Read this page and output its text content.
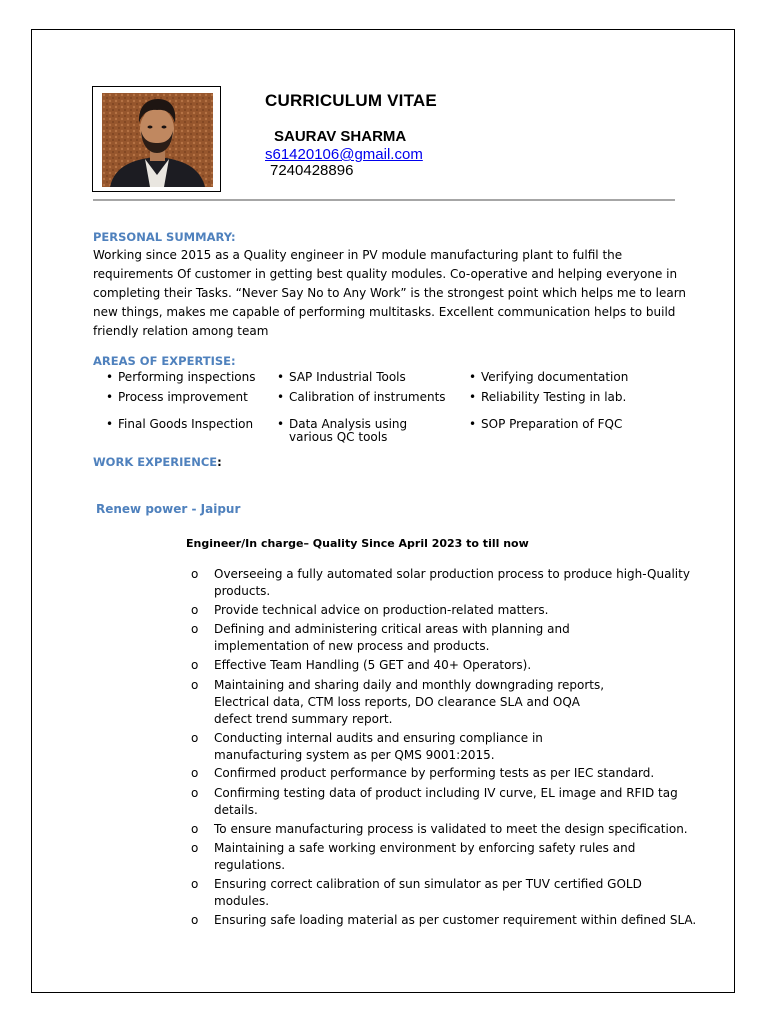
CURRICULUM VITAE
SAURAV SHARMA
s61420106@gmail.com
7240428896
PERSONAL SUMMARY:
Working since 2015 as a Quality engineer in PV module manufacturing plant to fulfil the
requirements Of customer in getting best quality modules. Co-operative and helping everyone in
completing their Tasks. “Never Say No to Any Work” is the strongest point which helps me to learn
new things, makes me capable of performing multitasks. Excellent communication helps to build
friendly relation among team
AREAS OF EXPERTISE:
• Performing inspections
• Process improvement
• Final Goods Inspection
• SAP Industrial Tools
• Calibration of instruments
• Data Analysis using
various QC tools
• Verifying documentation
• Reliability Testing in lab.
• SOP Preparation of FQC
WORK EXPERIENCE:
Renew power - Jaipur
Engineer/In charge– Quality Since April 2023 to till now
o Overseeing a fully automated solar production process to produce high-Quality
products.
o Provide technical advice on production-related matters.
o Defining and administering critical areas with planning and
implementation of new process and products.
o Effective Team Handling (5 GET and 40+ Operators).
o Maintaining and sharing daily and monthly downgrading reports,
Electrical data, CTM loss reports, DO clearance SLA and OQA
defect trend summary report.
o Conducting internal audits and ensuring compliance in
manufacturing system as per QMS 9001:2015.
o Confirmed product performance by performing tests as per IEC standard.
o Confirming testing data of product including IV curve, EL image and RFID tag
details.
o To ensure manufacturing process is validated to meet the design specification.
o Maintaining a safe working environment by enforcing safety rules and
regulations.
o Ensuring correct calibration of sun simulator as per TUV certified GOLD
modules.
o Ensuring safe loading material as per customer requirement within defined SLA.
